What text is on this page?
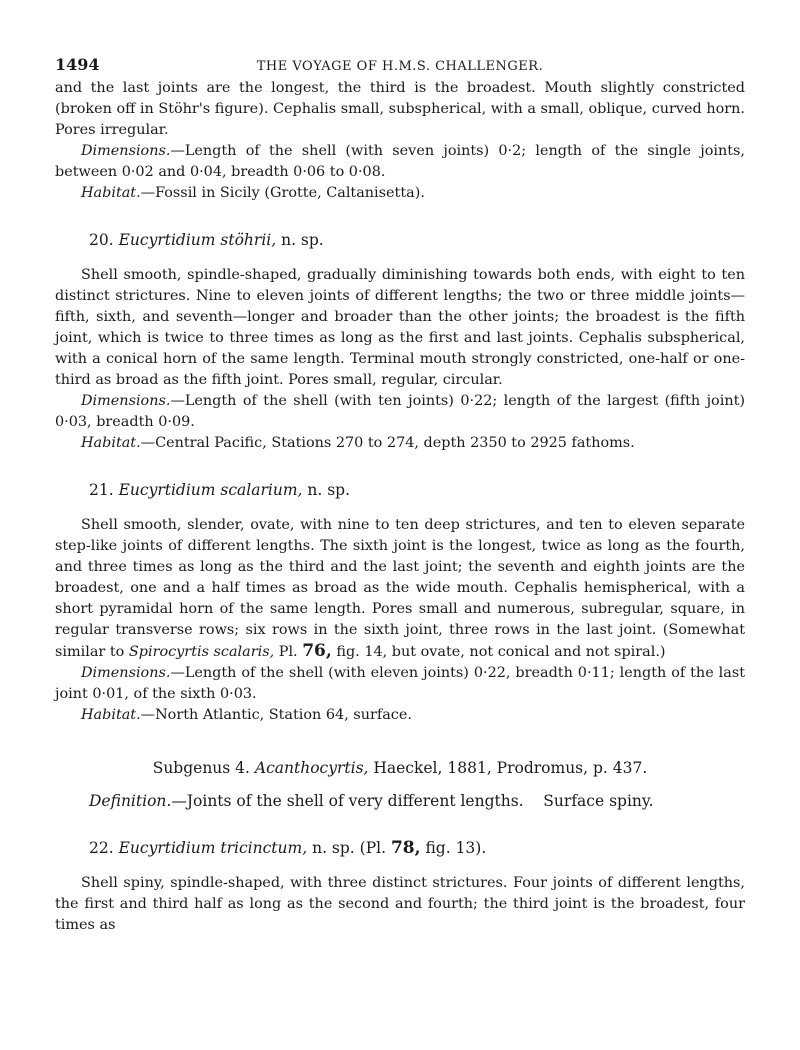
1494	THE VOYAGE OF H.M.S. CHALLENGER.

and the last joints are the longest, the third is the broadest. Mouth slightly constricted (broken off in Stöhr's figure). Cephalis small, subspherical, with a small, oblique, curved horn. Pores irregular.

Dimensions.—Length of the shell (with seven joints) 0·2; length of the single joints, between 0·02 and 0·04, breadth 0·06 to 0·08.

Habitat.—Fossil in Sicily (Grotte, Caltanisetta).

20. Eucyrtidium stöhrii, n. sp.

Shell smooth, spindle-shaped, gradually diminishing towards both ends, with eight to ten distinct strictures. Nine to eleven joints of different lengths; the two or three middle joints—fifth, sixth, and seventh—longer and broader than the other joints; the broadest is the fifth joint, which is twice to three times as long as the first and last joints. Cephalis subspherical, with a conical horn of the same length. Terminal mouth strongly constricted, one-half or one-third as broad as the fifth joint. Pores small, regular, circular.

Dimensions.—Length of the shell (with ten joints) 0·22; length of the largest (fifth joint) 0·03, breadth 0·09.

Habitat.—Central Pacific, Stations 270 to 274, depth 2350 to 2925 fathoms.

21. Eucyrtidium scalarium, n. sp.

Shell smooth, slender, ovate, with nine to ten deep strictures, and ten to eleven separate step-like joints of different lengths. The sixth joint is the longest, twice as long as the fourth, and three times as long as the third and the last joint; the seventh and eighth joints are the broadest, one and a half times as broad as the wide mouth. Cephalis hemispherical, with a short pyramidal horn of the same length. Pores small and numerous, subregular, square, in regular transverse rows; six rows in the sixth joint, three rows in the last joint. (Somewhat similar to Spirocyrtis scalaris, Pl. 76, fig. 14, but ovate, not conical and not spiral.)

Dimensions.—Length of the shell (with eleven joints) 0·22, breadth 0·11; length of the last joint 0·01, of the sixth 0·03.

Habitat.—North Atlantic, Station 64, surface.

Subgenus 4. Acanthocyrtis, Haeckel, 1881, Prodromus, p. 437.
Definition.—Joints of the shell of very different lengths.    Surface spiny.
22. Eucyrtidium tricinctum, n. sp. (Pl. 78, fig. 13).

Shell spiny, spindle-shaped, with three distinct strictures. Four joints of different lengths, the first and third half as long as the second and fourth; the third joint is the broadest, four times as
